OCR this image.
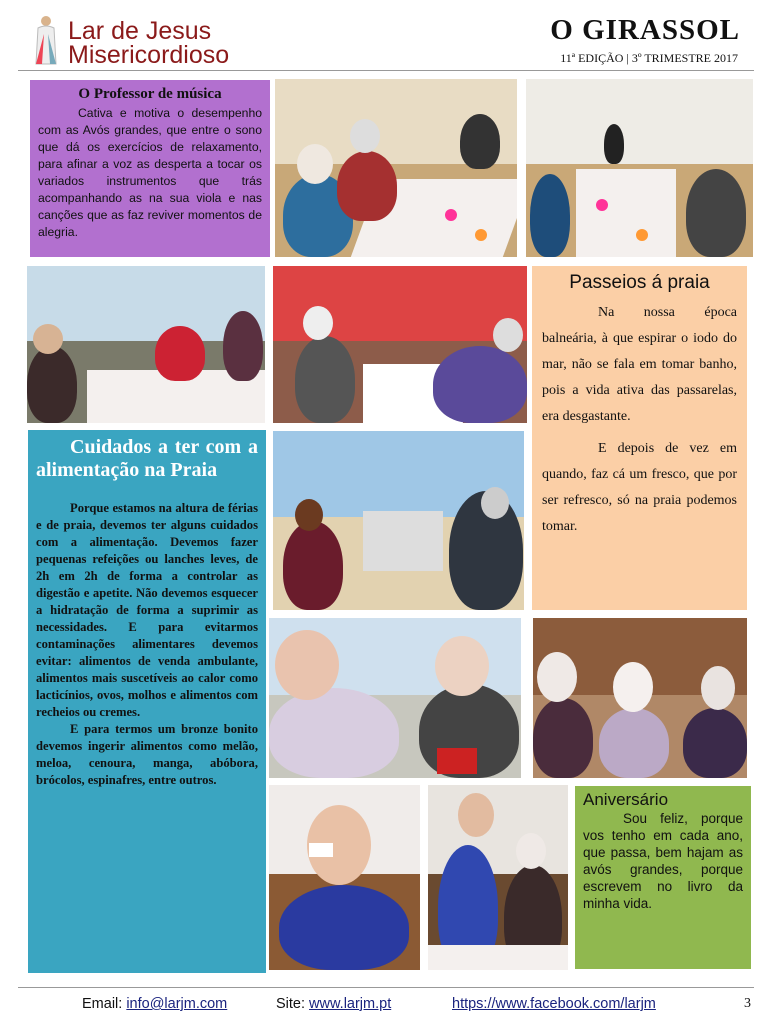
Lar de Jesus
Misericordioso
O GIRASSOL
11ª EDIÇÃO | 3º TRIMESTRE 2017
O Professor de música

Cativa e motiva o desempenho com as Avós grandes, que entre o sono que dá os exercícios de relaxamento, para afinar a voz as desperta a tocar os variados instrumentos que trás acompanhando as na sua viola e nas canções que as faz reviver momentos de alegria.

Passeios á praia

Na nossa época balneária, à que espirar o iodo do mar, não se fala em tomar banho, pois a vida ativa das passarelas, era desgastante.

E depois de vez em quando, faz cá um fresco, que por ser refresco, só na praia podemos tomar.

Cuidados a ter com a alimentação na Praia

Porque estamos na altura de férias e de praia, devemos ter alguns cuidados com a alimentação. Devemos fazer pequenas refeições ou lanches leves, de 2h em 2h de forma a controlar as digestão e apetite. Não devemos esquecer a hidratação de forma a suprimir as necessidades. E para evitarmos contaminações alimentares devemos evitar: alimentos de venda ambulante, alimentos mais suscetíveis ao calor como lacticínios, ovos, molhos e alimentos com recheios ou cremes.

E para termos um bronze bonito devemos ingerir alimentos como melão, meloa, cenoura, manga, abóbora, brócolos, espinafres, entre outros.

Aniversário

Sou feliz, porque vos tenho em cada ano, que passa, bem hajam as avós grandes, porque escrevem no livro da minha vida.

Email: info@larjm.com	Site: www.larjm.pt	https://www.facebook.com/larjm	3
